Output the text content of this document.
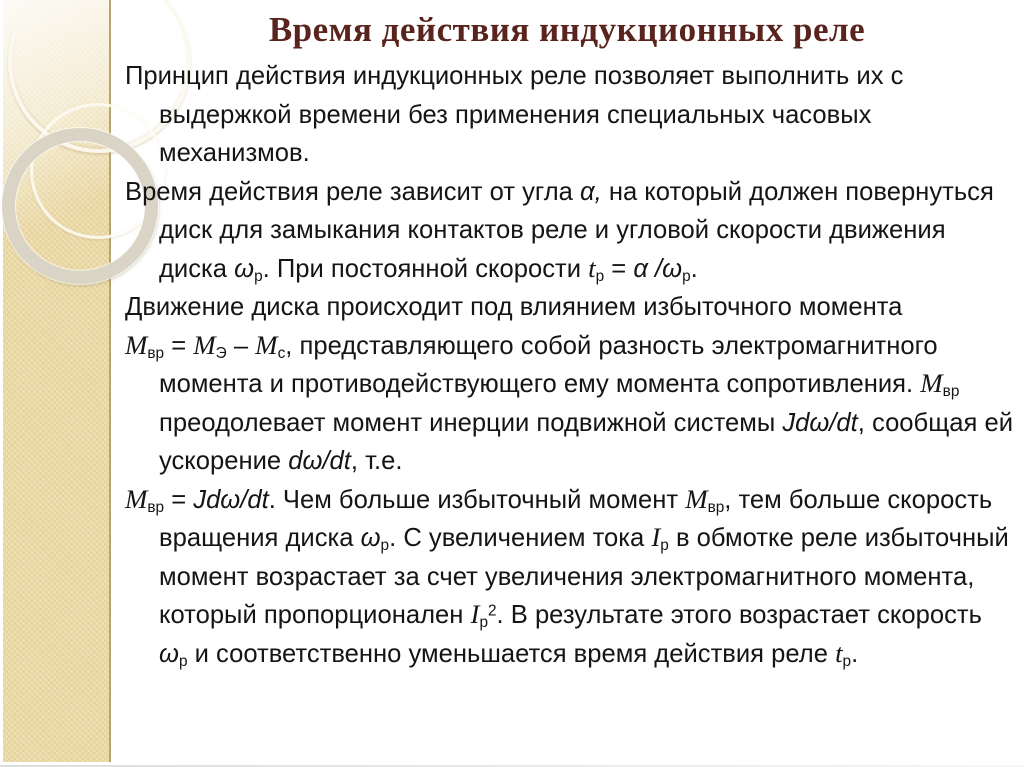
Время действия индукционных реле
Принцип действия индукционных реле позволяет выполнить их с выдержкой времени без применения специальных часовых механизмов.
Время действия реле зависит от угла α, на который должен повернуться диск для замыкания контактов реле и угловой скорости движения диска ωр. При постоянной скорости tр = α /ωр.
Движение диска происходит под влиянием избыточного момента
Mвр = MЭ – Mс, представляющего собой разность электромагнитного момента и противодействующего ему момента сопротивления. Mвр преодолевает момент инерции подвижной системы Jdω/dt, сообщая ей ускорение dω/dt, т.е.
Mвр = Jdω/dt. Чем больше избыточный момент Mвр, тем больше скорость вращения диска ωр. С увеличением тока Iр в обмотке реле избыточный момент возрастает за счет увеличения электромагнитного момента, который пропорционален $Iр^2$. В результате этого возрастает скорость ωр и соответственно уменьшается время действия реле tр.
